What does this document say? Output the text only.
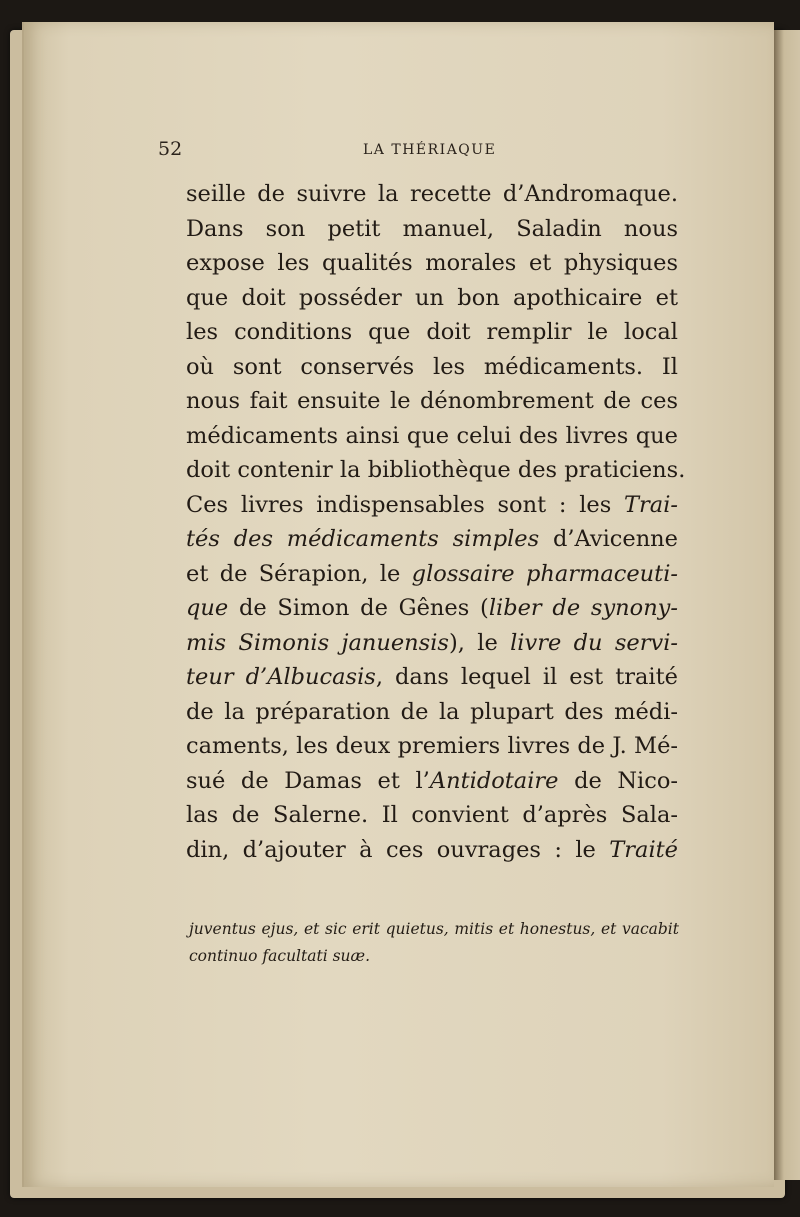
52	LA THÉRIAQUE
seille de suivre la recette d’Andromaque.
Dans son petit manuel, Saladin nous
expose les qualités morales et physiques
que doit posséder un bon apothicaire et
les conditions que doit remplir le local
où sont conservés les médicaments. Il
nous fait ensuite le dénombrement de ces
médicaments ainsi que celui des livres que
doit contenir la bibliothèque des praticiens.
Ces livres indispensables sont : les Trai-
tés des médicaments simples d’Avicenne
et de Sérapion, le glossaire pharmaceuti-
que de Simon de Gênes (liber de synony-
mis Simonis januensis), le livre du servi-
teur d’Albucasis, dans lequel il est traité
de la préparation de la plupart des médi-
caments, les deux premiers livres de J. Mé-
sué de Damas et l’Antidotaire de Nico-
las de Salerne. Il convient d’après Sala-
din, d’ajouter à ces ouvrages : le Traité
juventus ejus, et sic erit quietus, mitis et honestus, et vacabit
continuo facultati suæ.
